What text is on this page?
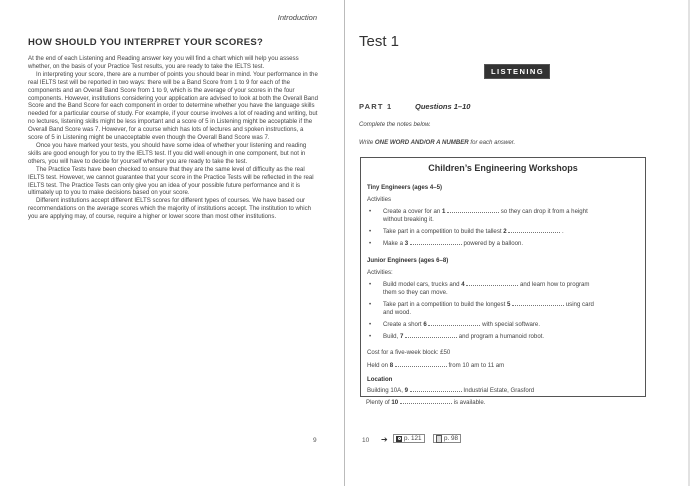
Introduction
HOW SHOULD YOU INTERPRET YOUR SCORES?

At the end of each Listening and Reading answer key you will find a chart which will help you assess whether, on the basis of your Practice Test results, you are ready to take the IELTS test.

In interpreting your score, there are a number of points you should bear in mind. Your performance in the real IELTS test will be reported in two ways: there will be a Band Score from 1 to 9 for each of the components and an Overall Band Score from 1 to 9, which is the average of your scores in the four components. However, institutions considering your application are advised to look at both the Overall Band Score and the Band Score for each component in order to determine whether you have the language skills needed for a particular course of study. For example, if your course involves a lot of reading and writing, but no lectures, listening skills might be less important and a score of 5 in Listening might be acceptable if the Overall Band Score was 7. However, for a course which has lots of lectures and spoken instructions, a score of 5 in Listening might be unacceptable even though the Overall Band Score was 7.

Once you have marked your tests, you should have some idea of whether your listening and reading skills are good enough for you to try the IELTS test. If you did well enough in one component, but not in others, you will have to decide for yourself whether you are ready to take the test.

The Practice Tests have been checked to ensure that they are the same level of difficulty as the real IELTS test. However, we cannot guarantee that your score in the Practice Tests will be reflected in the real IELTS test. The Practice Tests can only give you an idea of your possible future performance and it is ultimately up to you to make decisions based on your score.

Different institutions accept different IELTS scores for different types of courses. We have based our recommendations on the average scores which the majority of institutions accept. The institution to which you are applying may, of course, require a higher or lower score than most other institutions.

9
Test 1
LISTENING
PART 1	Questions 1–10
Complete the notes below.
Write ONE WORD AND/OR A NUMBER for each answer.
Children’s Engineering Workshops
Tiny Engineers (ages 4–5)
Activities
• Create a cover for an 1	so they can drop it from a height
without breaking it.
• Take part in a competition to build the tallest 2	.
• Make a 3	powered by a balloon.
Junior Engineers (ages 6–8)
Activities:
• Build model cars, trucks and 4	and learn how to program
them so they can move.
• Take part in a competition to build the longest 5	using card
and wood.
• Create a short 6	with special software.
• Build, 7	and program a humanoid robot.
Cost for a five-week block: £50
Held on 8	from 10 am to 11 am
Location
Building 10A, 9	Industrial Estate, Grasford
Plenty of 10	is available.
10 ➔	p. 121	p. 98
